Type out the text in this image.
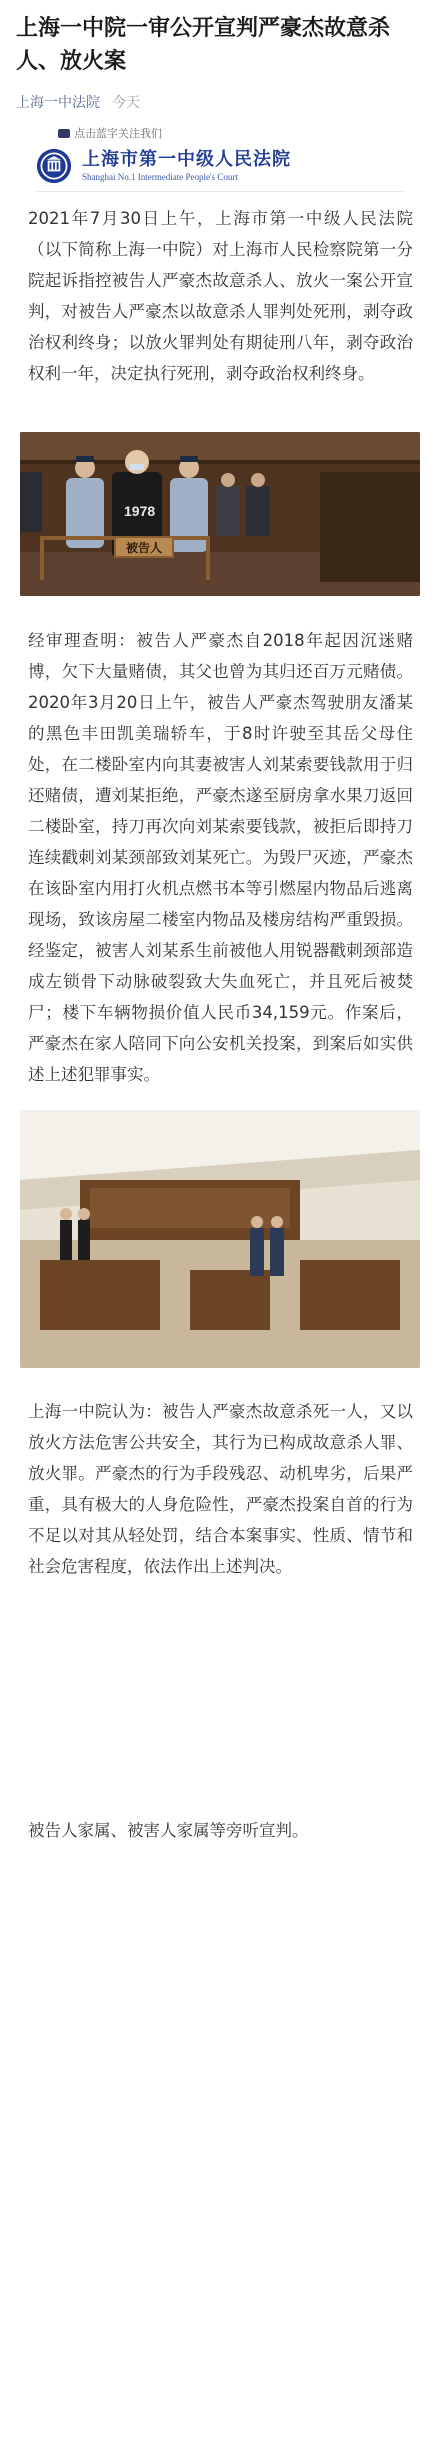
上海一中院一审公开宣判严豪杰故意杀人、放火案
上海一中法院 今天
点击蓝字关注我们
上海市第一中级人民法院
Shanghai No.1 Intermediate People's Court

2021年7月30日上午，上海市第一中级人民法院（以下简称上海一中院）对上海市人民检察院第一分院起诉指控被告人严豪杰故意杀人、放火一案公开宣判，对被告人严豪杰以故意杀人罪判处死刑，剥夺政治权利终身；以放火罪判处有期徒刑八年，剥夺政治权利一年，决定执行死刑，剥夺政治权利终身。

1978
被告人

经审理查明：被告人严豪杰自2018年起因沉迷赌博，欠下大量赌债，其父也曾为其归还百万元赌债。2020年3月20日上午，被告人严豪杰驾驶朋友潘某的黑色丰田凯美瑞轿车，于8时许驶至其岳父母住处，在二楼卧室内向其妻被害人刘某索要钱款用于归还赌债，遭刘某拒绝，严豪杰遂至厨房拿水果刀返回二楼卧室，持刀再次向刘某索要钱款，被拒后即持刀连续戳刺刘某颈部致刘某死亡。为毁尸灭迹，严豪杰在该卧室内用打火机点燃书本等引燃屋内物品后逃离现场，致该房屋二楼室内物品及楼房结构严重毁损。经鉴定，被害人刘某系生前被他人用锐器戳刺颈部造成左锁骨下动脉破裂致大失血死亡，并且死后被焚尸；楼下车辆物损价值人民币34,159元。作案后，严豪杰在家人陪同下向公安机关投案，到案后如实供述上述犯罪事实。

上海一中院认为：被告人严豪杰故意杀死一人，又以放火方法危害公共安全，其行为已构成故意杀人罪、放火罪。严豪杰的行为手段残忍、动机卑劣，后果严重，具有极大的人身危险性，严豪杰投案自首的行为不足以对其从轻处罚，结合本案事实、性质、情节和社会危害程度，依法作出上述判决。

被告人家属、被害人家属等旁听宣判。
